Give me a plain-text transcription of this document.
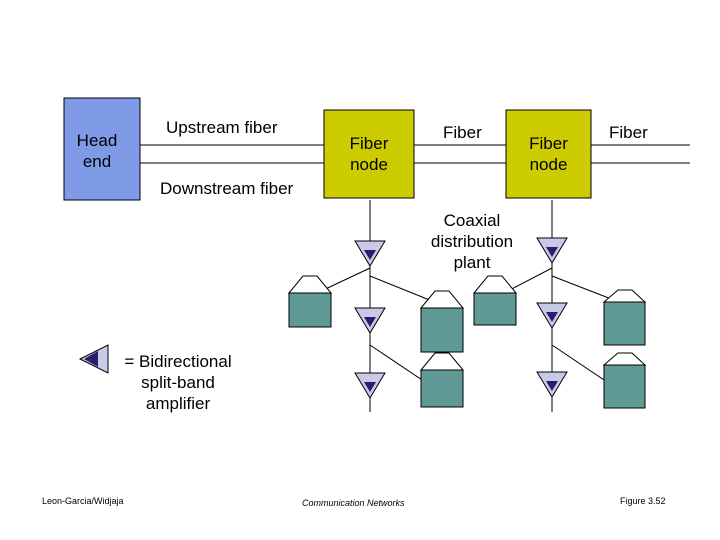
Head
end
Upstream fiber
Downstream fiber
Fiber
node
Fiber
Fiber
node
Fiber
Coaxial
distribution
plant
= Bidirectional
split-band
amplifier
Leon-Garcia/Widjaja	Communication Networks	Figure 3.52
